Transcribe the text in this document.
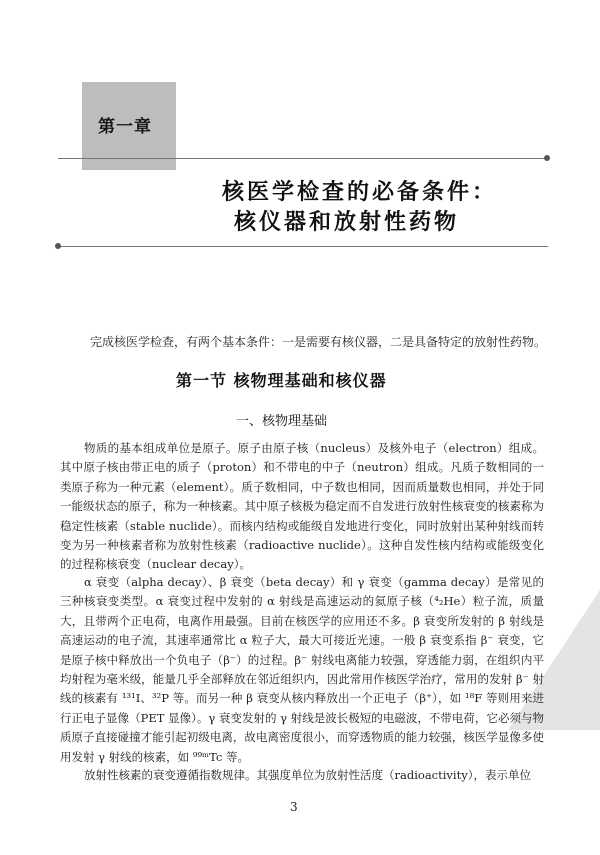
第一章
核医学检查的必备条件：
核仪器和放射性药物
完成核医学检查，有两个基本条件：一是需要有核仪器，二是具备特定的放射性药物。
第一节 核物理基础和核仪器
一、核物理基础
物质的基本组成单位是原子。原子由原子核（nucleus）及核外电子（electron）组成。其中原子核由带正电的质子（proton）和不带电的中子（neutron）组成。凡质子数相同的一类原子称为一种元素（element）。质子数相同，中子数也相同，因而质量数也相同，并处于同一能级状态的原子，称为一种核素。其中原子核极为稳定而不自发进行放射性核衰变的核素称为稳定性核素（stable nuclide）。而核内结构或能级自发地进行变化，同时放射出某种射线而转变为另一种核素者称为放射性核素（radioactive nuclide）。这种自发性核内结构或能级变化的过程称核衰变（nuclear decay）。
α 衰变（alpha decay）、β 衰变（beta decay）和 γ 衰变（gamma decay）是常见的三种核衰变类型。α 衰变过程中发射的 α 射线是高速运动的氦原子核（⁴₂He）粒子流，质量大，且带两个正电荷，电离作用最强。目前在核医学的应用还不多。β 衰变所发射的 β 射线是高速运动的电子流，其速率通常比 α 粒子大，最大可接近光速。一般 β 衰变系指 β⁻ 衰变，它是原子核中释放出一个负电子（β⁻）的过程。β⁻ 射线电离能力较强，穿透能力弱，在组织内平均射程为毫米级，能量几乎全部释放在邻近组织内，因此常用作核医学治疗，常用的发射 β⁻ 射线的核素有 ¹³¹I、³²P 等。而另一种 β 衰变从核内释放出一个正电子（β⁺），如 ¹⁸F 等则用来进行正电子显像（PET 显像）。γ 衰变发射的 γ 射线是波长极短的电磁波，不带电荷，它必须与物质原子直接碰撞才能引起初级电离，故电离密度很小，而穿透物质的能力较强，核医学显像多使用发射 γ 射线的核素，如 ⁹⁹ᵐTc 等。
放射性核素的衰变遵循指数规律。其强度单位为放射性活度（radioactivity），表示单位
3
